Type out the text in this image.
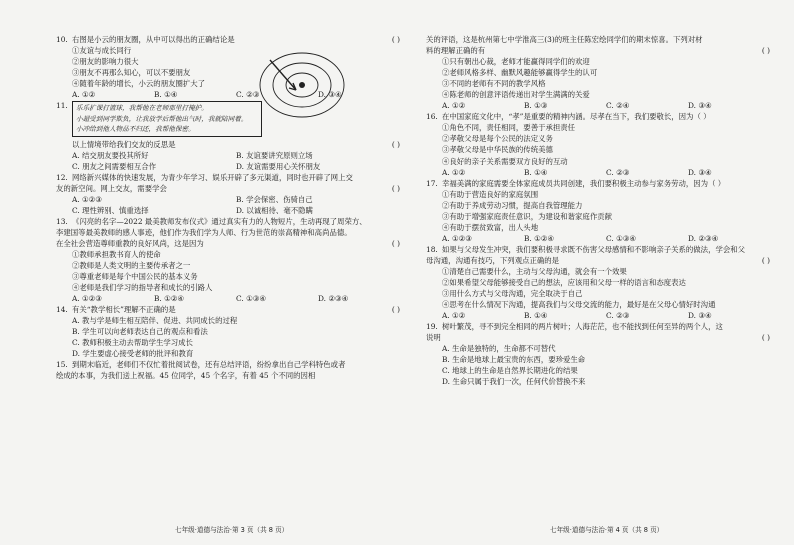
10. 右图是小云的朋友圈，从中可以得出的正确结论是	( )

①友谊与成长同行

②朋友的影响力很大

③朋友不再那么知心，可以不要朋友

④随着年龄的增长，小云的朋友圈扩大了

A. ①②	B. ①④	C. ②③	D. ③④
11.	乐乐扩课打篮球，我帮他在老师那里打掩护。

小超受到同学欺负，让我放学后帮他出气时，我就陪同着。

小冲给到他人物品不归还，我帮他保密。

以上情境带给我们交友的反思是	( )
A. 结交朋友要投其所好	B. 友谊要讲究原则立场
C. 朋友之间需要相互合作	D. 友谊需要用心关怀朋友
12. 网络新兴媒体的快速发展，为青少年学习、娱乐开辟了多元渠道，同时也开辟了网上交
友的新空间。网上交友，需要学会	( )
A. ①②③	B. 学会保密、伤骑自己
C. 理性辨别、慎重选择	D. 以诚相待、毫不隐瞒
13. 《闪亮的名字—2022 最美教师发布仪式》通过真实有力的人物短片，生动再现了周荣方、

李建国等最美教师的感人事迹，他们作为我们学为人师、行为世范的崇高精神和高尚品德。

在全社会营造尊师重教的良好风尚，这是因为	( )

①教师承担教书育人的使命

②教师是人类文明的主要传承者之一

③尊重老师是每个中国公民的基本义务

④老师是我们学习的指导者和成长的引路人

A. ①②③	B. ①②④	C. ①③④	D. ②③④
14. 有关“教学相长”理解不正确的是	( )

A. 教与学是师生相互陪伴、促进、共同成长的过程

B. 学生可以向老师表达自己的观点和看法

C. 教师积极主动去帮助学生学习成长

D. 学生要虚心接受老师的批评和教育

15. 到期末临近，老师们不仅忙着批阅试卷，还有总结评语，纷纷拿出自己学科特色或者

绘成的本事，为我们送上祝福。45 位同学，45 个名字，有着 45 个不同的因相

关的评语，这是杭州第七中学淮高三(3)的班主任陈宏绘同学们的期末惊喜。下列对材

料的理解正确的有	( )

①只有朝出心裁，老师才能赢得同学们的欢迎

②老师风格多样、幽默风趣能够赢得学生的认可

③不同的老师有不同的教学风格

④陈老师的创意评语传递出对学生满满的关爱

A. ①②	B. ①③	C. ②④	D. ③④
16. 在中国家庭文化中，“孝”是重要的精神内涵。尽孝在当下，我们要敬长，因为（ ）

①角色不同，责任相同，要善于承担责任

②孝敬父母是每个公民的法定义务

③孝敬父母是中华民族的传统美德

④良好的亲子关系需要双方良好的互动

A. ①②	B. ①④	C. ②③	D. ③④
17. 幸福美满的家庭需要全体家庭成员共同创建，我们要积极主动参与家务劳动，因为（ ）

①有助于营造良好的家庭氛围

②有助于养成劳动习惯，提高自我管理能力

③有助于增强家庭责任意识，为建设和谐家庭作贡献

④有助于摆贫致富，出人头地

A. ①②③	B. ①②④	C. ①③④	D. ②③④
18. 如果与父母发生冲突，我们要积极寻求既不伤害父母感情和不影响亲子关系的做法，学会和父
母沟通，沟通有技巧，下列观点正确的是	( )

①清楚自己需要什么，主动与父母沟通，就会有一个效果

②如果希望父母能够接受自己的想法，应该用和父母一样的语言和态度表达

③用什么方式与父母沟通，完全取决于自己

④思考在什么情况下沟通，提高我们与父母交流的能力，最好是在父母心情好时沟通

A. ①②	B. ①④	C. ②③	D. ③④
19. 树叶繁茂，寻不到完全相同的两片树叶；人海茫茫，也不能找到任何至异的两个人，这
说明	( )

A. 生命是独特的，生命都不可替代

B. 生命是地球上最宝贵的东西，要珍爱生命

C. 地球上的生命是自然界长期进化的结果

D. 生命只属于我们一次，任何代价替换不来

七年级·道德与法治·第 3 页（共 8 页）	七年级·道德与法治·第 4 页（共 8 页）
